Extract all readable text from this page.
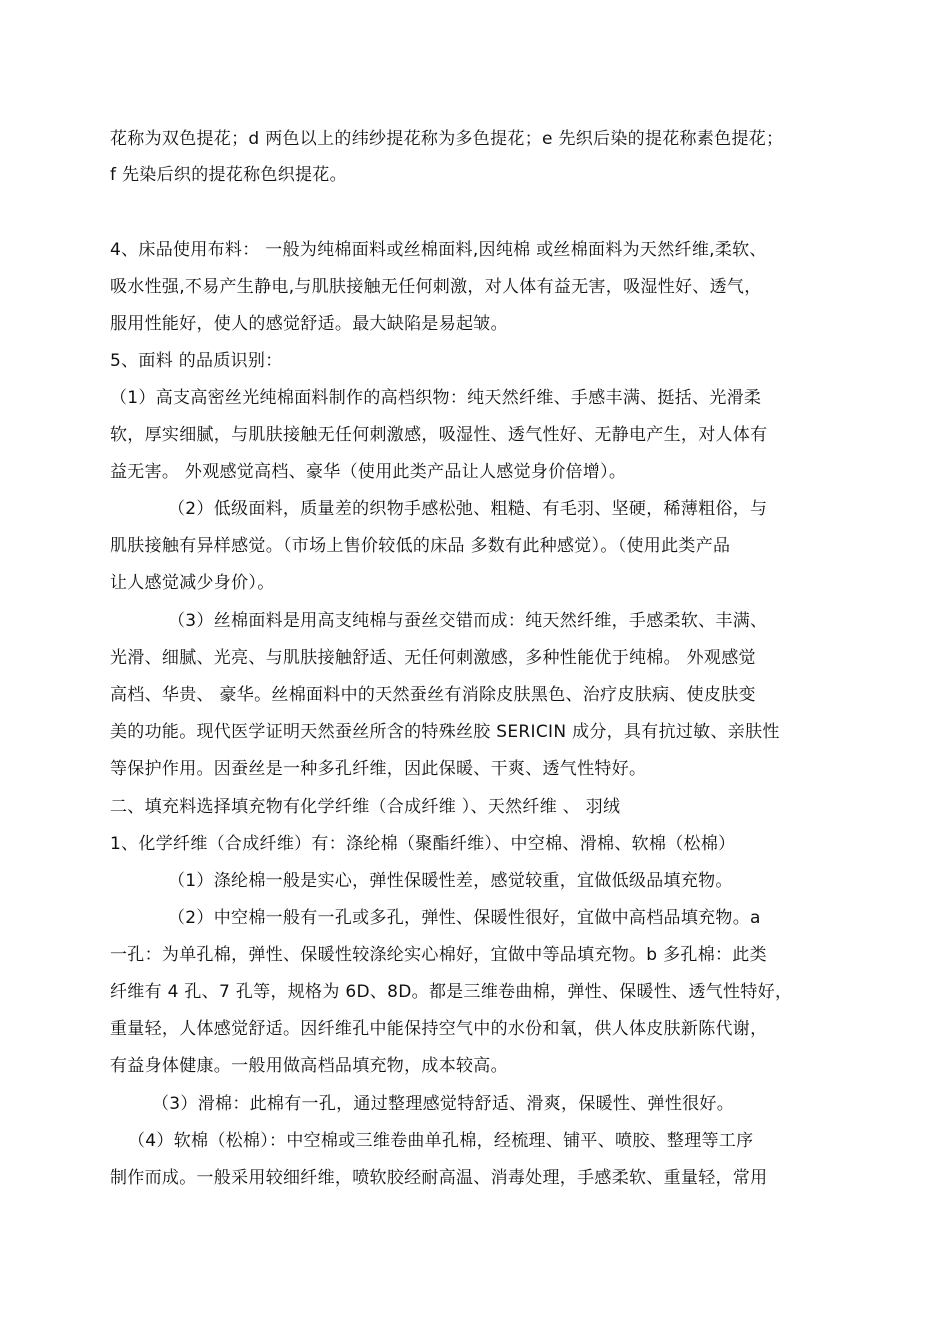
花称为双色提花；d 两色以上的纬纱提花称为多色提花；e 先织后染的提花称素色提花；
f 先染后织的提花称色织提花。
4、床品使用布料： 一般为纯棉面料或丝棉面料,因纯棉 或丝棉面料为天然纤维,柔软、
吸水性强,不易产生静电,与肌肤接触无任何刺激，对人体有益无害，吸湿性好、透气，
服用性能好，使人的感觉舒适。最大缺陷是易起皱。
5、面料 的品质识别：
（1）高支高密丝光纯棉面料制作的高档织物：纯天然纤维、手感丰满、挺括、光滑柔
软，厚实细腻，与肌肤接触无任何刺激感，吸湿性、透气性好、无静电产生，对人体有
益无害。 外观感觉高档、豪华（使用此类产品让人感觉身价倍增）。
（2）低级面料，质量差的织物手感松弛、粗糙、有毛羽、坚硬，稀薄粗俗，与
肌肤接触有异样感觉。（市场上售价较低的床品 多数有此种感觉）。（使用此类产品
让人感觉减少身价）。
（3）丝棉面料是用高支纯棉与蚕丝交错而成：纯天然纤维，手感柔软、丰满、
光滑、细腻、光亮、与肌肤接触舒适、无任何刺激感，多种性能优于纯棉。 外观感觉
高档、华贵、 豪华。丝棉面料中的天然蚕丝有消除皮肤黑色、治疗皮肤病、使皮肤变
美的功能。现代医学证明天然蚕丝所含的特殊丝胶 SERICIN 成分，具有抗过敏、亲肤性
等保护作用。因蚕丝是一种多孔纤维，因此保暖、干爽、透气性特好。
二、填充料选择填充物有化学纤维（合成纤维 ）、天然纤维 、 羽绒
1、化学纤维（合成纤维）有：涤纶棉（聚酯纤维）、中空棉、滑棉、软棉（松棉）
（1）涤纶棉一般是实心，弹性保暖性差，感觉较重，宜做低级品填充物。
（2）中空棉一般有一孔或多孔，弹性、保暖性很好，宜做中高档品填充物。a
一孔：为单孔棉，弹性、保暖性较涤纶实心棉好，宜做中等品填充物。b 多孔棉：此类
纤维有 4 孔、7 孔等，规格为 6D、8D。都是三维卷曲棉，弹性、保暖性、透气性特好，
重量轻，人体感觉舒适。因纤维孔中能保持空气中的水份和氧，供人体皮肤新陈代谢，
有益身体健康。一般用做高档品填充物，成本较高。
（3）滑棉：此棉有一孔，通过整理感觉特舒适、滑爽，保暖性、弹性很好。
（4）软棉（松棉）：中空棉或三维卷曲单孔棉，经梳理、铺平、喷胶、整理等工序
制作而成。一般采用较细纤维，喷软胶经耐高温、消毒处理，手感柔软、重量轻，常用
